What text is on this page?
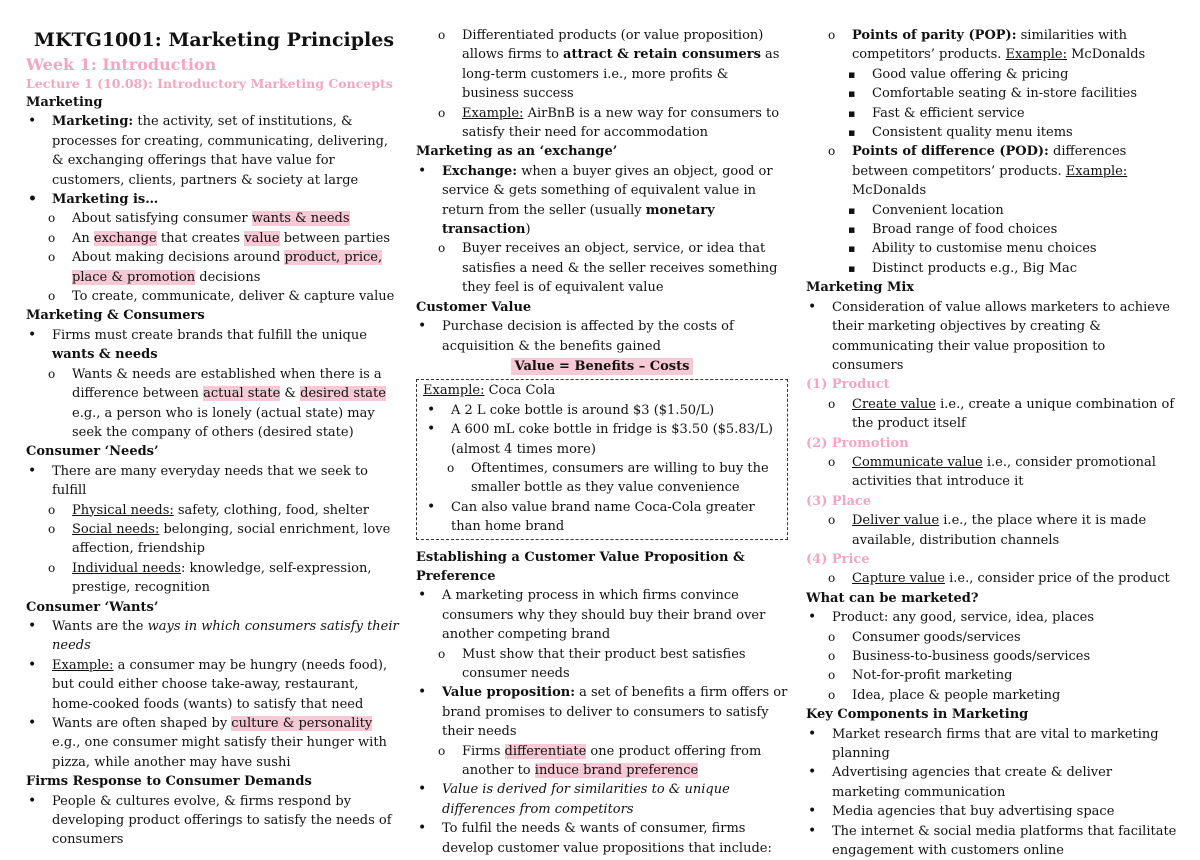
MKTG1001: Marketing Principles
Week 1: Introduction
Lecture 1 (10.08): Introductory Marketing Concepts
Marketing
• Marketing: the activity, set of institutions, & processes for creating, communicating, delivering, & exchanging offerings that have value for customers, clients, partners & society at large
• Marketing is…
o About satisfying consumer wants & needs
o An exchange that creates value between parties
o About making decisions around product, price, place & promotion decisions
o To create, communicate, deliver & capture value
Marketing & Consumers
• Firms must create brands that fulfill the unique wants & needs
o Wants & needs are established when there is a difference between actual state & desired state e.g., a person who is lonely (actual state) may seek the company of others (desired state)
Consumer ‘Needs’
• There are many everyday needs that we seek to fulfill
o Physical needs: safety, clothing, food, shelter
o Social needs: belonging, social enrichment, love affection, friendship
o Individual needs: knowledge, self-expression, prestige, recognition
Consumer ‘Wants’
• Wants are the ways in which consumers satisfy their needs
• Example: a consumer may be hungry (needs food), but could either choose take-away, restaurant, home-cooked foods (wants) to satisfy that need
• Wants are often shaped by culture & personality e.g., one consumer might satisfy their hunger with pizza, while another may have sushi
Firms Response to Consumer Demands
• People & cultures evolve, & firms respond by developing product offerings to satisfy the needs of consumers
o Differentiated products (or value proposition) allows firms to attract & retain consumers as long-term customers i.e., more profits & business success
o Example: AirBnB is a new way for consumers to satisfy their need for accommodation
Marketing as an ‘exchange’
• Exchange: when a buyer gives an object, good or service & gets something of equivalent value in return from the seller (usually monetary transaction)
o Buyer receives an object, service, or idea that satisfies a need & the seller receives something they feel is of equivalent value
Customer Value
• Purchase decision is affected by the costs of acquisition & the benefits gained
Value = Benefits – Costs
Example: Coca Cola
• A 2 L coke bottle is around $3 ($1.50/L)
• A 600 mL coke bottle in fridge is $3.50 ($5.83/L) (almost 4 times more)
o Oftentimes, consumers are willing to buy the smaller bottle as they value convenience
• Can also value brand name Coca-Cola greater than home brand
Establishing a Customer Value Proposition & Preference
• A marketing process in which firms convince consumers why they should buy their brand over another competing brand
o Must show that their product best satisfies consumer needs
• Value proposition: a set of benefits a firm offers or brand promises to deliver to consumers to satisfy their needs
o Firms differentiate one product offering from another to induce brand preference
• Value is derived for similarities to & unique differences from competitors
• To fulfil the needs & wants of consumer, firms develop customer value propositions that include:
o Points of parity (POP): similarities with competitors’ products. Example: McDonalds
▪ Good value offering & pricing
▪ Comfortable seating & in-store facilities
▪ Fast & efficient service
▪ Consistent quality menu items
o Points of difference (POD): differences between competitors’ products. Example: McDonalds
▪ Convenient location
▪ Broad range of food choices
▪ Ability to customise menu choices
▪ Distinct products e.g., Big Mac
Marketing Mix
• Consideration of value allows marketers to achieve their marketing objectives by creating & communicating their value proposition to consumers
(1) Product
o Create value i.e., create a unique combination of the product itself
(2) Promotion
o Communicate value i.e., consider promotional activities that introduce it
(3) Place
o Deliver value i.e., the place where it is made available, distribution channels
(4) Price
o Capture value i.e., consider price of the product
What can be marketed?
• Product: any good, service, idea, places
o Consumer goods/services
o Business-to-business goods/services
o Not-for-profit marketing
o Idea, place & people marketing
Key Components in Marketing
• Market research firms that are vital to marketing planning
• Advertising agencies that create & deliver marketing communication
• Media agencies that buy advertising space
• The internet & social media platforms that facilitate engagement with customers online
